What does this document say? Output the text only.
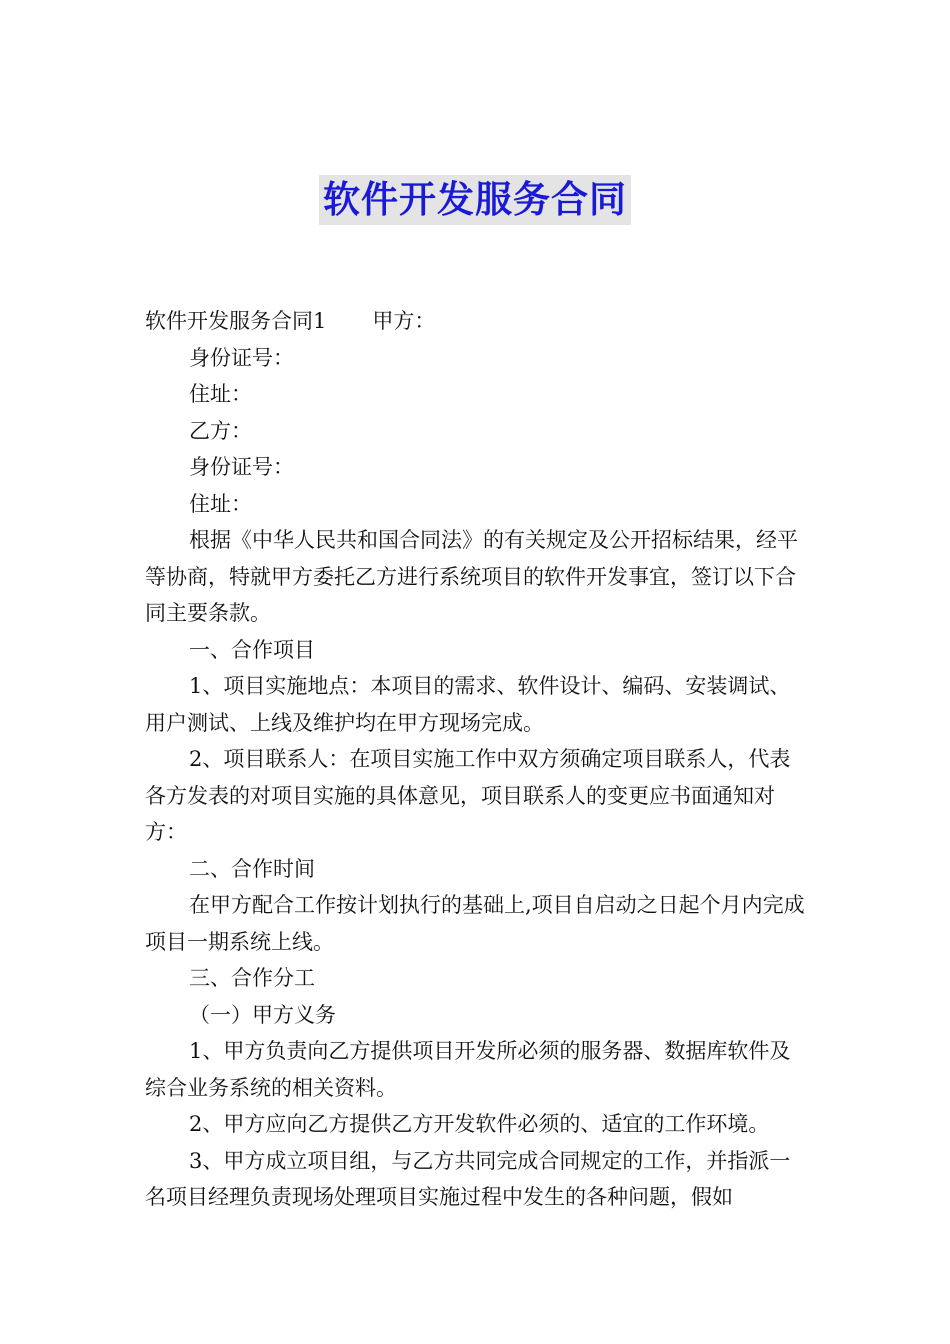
软件开发服务合同

软件开发服务合同1 甲方：

身份证号：

住址：

乙方：

身份证号：

住址：

根据《中华人民共和国合同法》的有关规定及公开招标结果，经平等协商，特就甲方委托乙方进行系统项目的软件开发事宜，签订以下合同主要条款。

一、合作项目

1、项目实施地点：本项目的需求、软件设计、编码、安装调试、用户测试、上线及维护均在甲方现场完成。

2、项目联系人：在项目实施工作中双方须确定项目联系人，代表各方发表的对项目实施的具体意见，项目联系人的变更应书面通知对方：

二、合作时间

在甲方配合工作按计划执行的基础上,项目自启动之日起个月内完成项目一期系统上线。

三、合作分工

（一）甲方义务

1、甲方负责向乙方提供项目开发所必须的服务器、数据库软件及综合业务系统的相关资料。

2、甲方应向乙方提供乙方开发软件必须的、适宜的工作环境。

3、甲方成立项目组，与乙方共同完成合同规定的工作，并指派一名项目经理负责现场处理项目实施过程中发生的各种问题，假如
